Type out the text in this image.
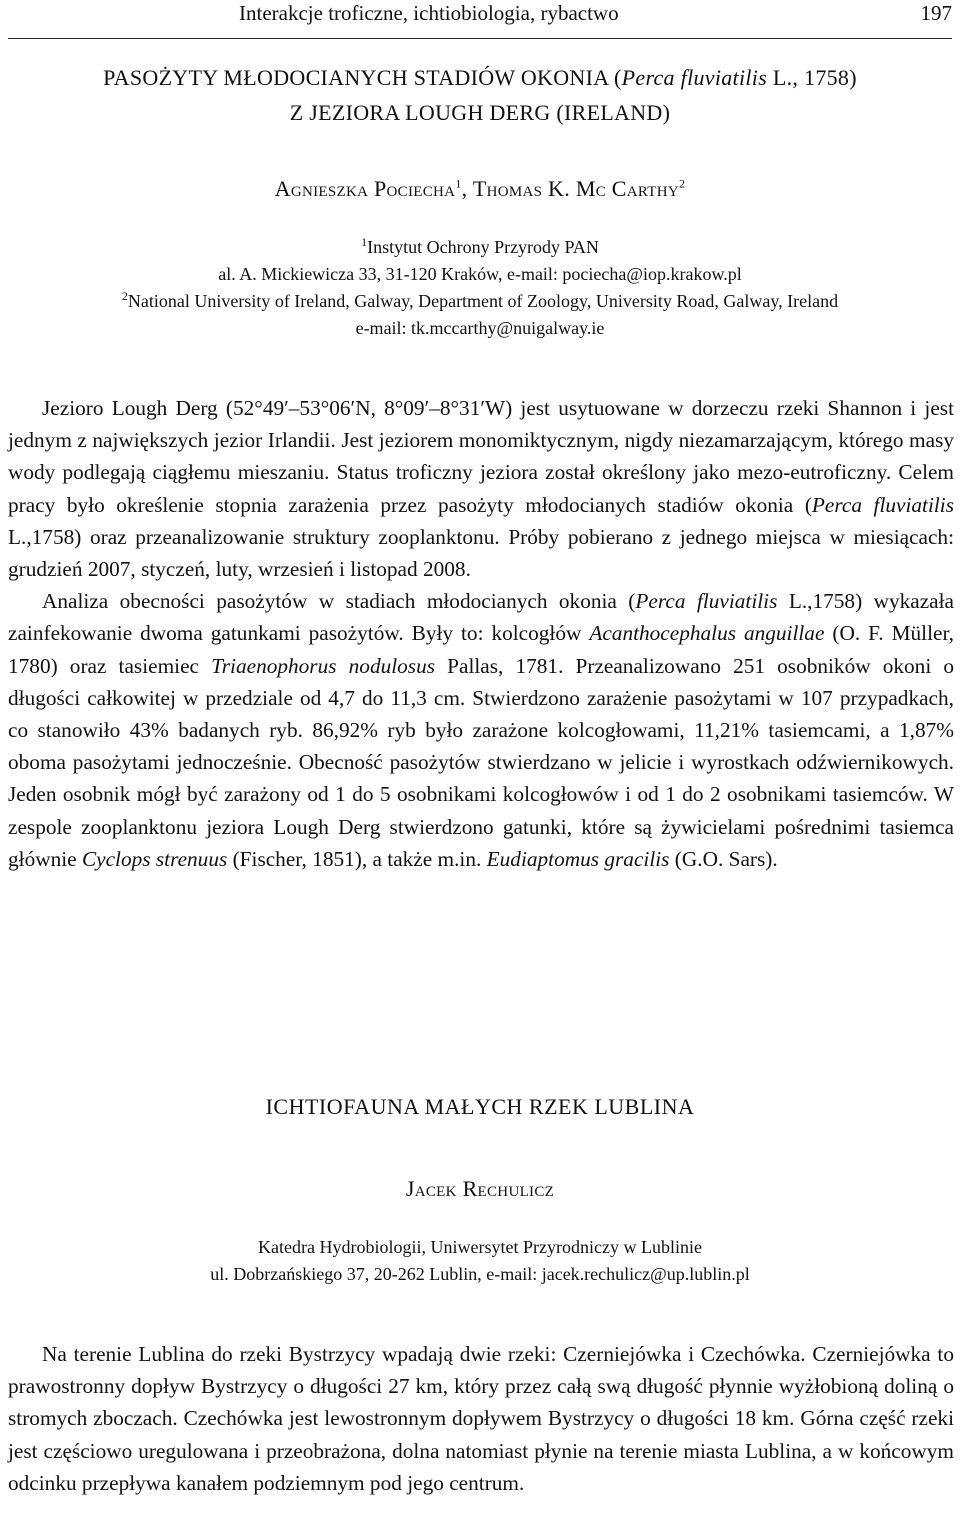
Interakcje troficzne, ichtiobiologia, rybactwo	197
PASOŻYTY MŁODOCIANYCH STADIÓW OKONIA (Perca fluviatilis L., 1758)
Z JEZIORA LOUGH DERG (IRELAND)
Agnieszka Pociecha$^1$, Thomas K. Mc Carthy$^2$
$^1$Instytut Ochrony Przyrody PAN
al. A. Mickiewicza 33, 31-120 Kraków, e-mail: pociecha@iop.krakow.pl
$^2$National University of Ireland, Galway, Department of Zoology, University Road, Galway, Ireland
e-mail: tk.mccarthy@nuigalway.ie

Jezioro Lough Derg (52°49′–53°06′N, 8°09′–8°31′W) jest usytuowane w dorzeczu rzeki Shannon i jest jednym z największych jezior Irlandii. Jest jeziorem monomiktycznym, nigdy niezamarzającym, którego masy wody podlegają ciągłemu mieszaniu. Status troficzny jeziora został określony jako mezo-eutroficzny. Celem pracy było określenie stopnia zarażenia przez pasożyty młodocianych stadiów okonia (Perca fluviatilis L.,1758) oraz przeanalizowanie struktury zooplanktonu. Próby pobierano z jednego miejsca w miesiącach: grudzień 2007, styczeń, luty, wrzesień i listopad 2008.

Analiza obecności pasożytów w stadiach młodocianych okonia (Perca fluviatilis L.,1758) wykazała zainfekowanie dwoma gatunkami pasożytów. Były to: kolcogłów Acanthocephalus anguillae (O. F. Müller, 1780) oraz tasiemiec Triaenophorus nodulosus Pallas, 1781. Przeanalizowano 251 osobników okoni o długości całkowitej w przedziale od 4,7 do 11,3 cm. Stwierdzono zarażenie pasożytami w 107 przypadkach, co stanowiło 43% badanych ryb. 86,92% ryb było zarażone kolcogłowami, 11,21% tasiemcami, a 1,87% oboma pasożytami jednocześnie. Obecność pasożytów stwierdzano w jelicie i wyrostkach odźwiernikowych. Jeden osobnik mógł być zarażony od 1 do 5 osobnikami kolcogłowów i od 1 do 2 osobnikami tasiemców. W zespole zooplanktonu jeziora Lough Derg stwierdzono gatunki, które są żywicielami pośrednimi tasiemca głównie Cyclops strenuus (Fischer, 1851), a także m.in. Eudiaptomus gracilis (G.O. Sars).

ICHTIOFAUNA MAŁYCH RZEK LUBLINA
Jacek Rechulicz
Katedra Hydrobiologii, Uniwersytet Przyrodniczy w Lublinie
ul. Dobrzańskiego 37, 20-262 Lublin, e-mail: jacek.rechulicz@up.lublin.pl

Na terenie Lublina do rzeki Bystrzycy wpadają dwie rzeki: Czerniejówka i Czechówka. Czerniejówka to prawostronny dopływ Bystrzycy o długości 27 km, który przez całą swą długość płynnie wyżłobioną doliną o stromych zboczach. Czechówka jest lewostronnym dopływem Bystrzycy o długości 18 km. Górna część rzeki jest częściowo uregulowana i przeobrażona, dolna natomiast płynie na terenie miasta Lublina, a w końcowym odcinku przepływa kanałem podziemnym pod jego centrum.
